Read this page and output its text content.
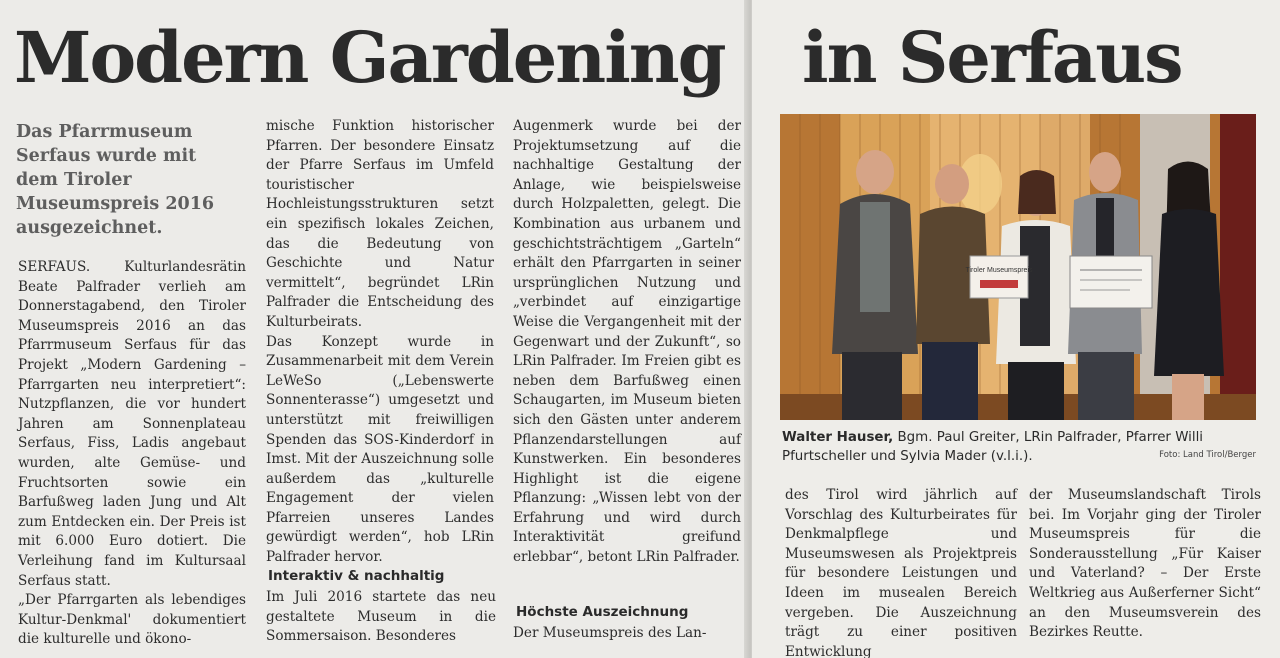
Modern Gardening

Das Pfarrmuseum Serfaus wurde mit dem Tiroler Museumspreis 2016 ausgezeichnet.

SERFAUS. Kulturlandesrätin Beate Palfrader verlieh am Donnerstagabend, den Tiroler Museumspreis 2016 an das Pfarrmuseum Serfaus für das Projekt „Modern Gardening – Pfarrgarten neu interpretiert“: Nutzpflanzen, die vor hundert Jahren am Sonnenplateau Serfaus, Fiss, Ladis angebaut wurden, alte Gemüse- und Fruchtsorten sowie ein Barfußweg laden Jung und Alt zum Entdecken ein. Der Preis ist mit 6.000 Euro dotiert. Die Verleihung fand im Kultursaal Serfaus statt.

„Der Pfarrgarten als lebendiges Kultur-Denkmal' dokumentiert die kulturelle und ökono-

mische Funktion historischer Pfarren. Der besondere Einsatz der Pfarre Serfaus im Umfeld touristischer Hochleistungsstrukturen setzt ein spezifisch lokales Zeichen, das die Bedeutung von Geschichte und Natur vermittelt“, begründet LRin Palfrader die Entscheidung des Kulturbeirats.

Das Konzept wurde in Zusammenarbeit mit dem Verein LeWeSo („Lebenswerte Sonnenterasse“) umgesetzt und unterstützt mit freiwilligen Spenden das SOS-Kinderdorf in Imst. Mit der Auszeichnung solle außerdem das „kulturelle Engagement der vielen Pfarreien unseres Landes gewürdigt werden“, hob LRin Palfrader hervor.

Interaktiv & nachhaltig

Im Juli 2016 startete das neu gestaltete Museum in die Sommersaison. Besonderes

Augenmerk wurde bei der Projektumsetzung auf die nachhaltige Gestaltung der Anlage, wie beispielsweise durch Holzpaletten, gelegt. Die Kombination aus urbanem und geschichtsträchtigem „Garteln“ erhält den Pfarrgarten in seiner ursprünglichen Nutzung und „verbindet auf einzigartige Weise die Vergangenheit mit der Gegenwart und der Zukunft“, so LRin Palfrader. Im Freien gibt es neben dem Barfußweg einen Schaugarten, im Museum bieten sich den Gästen unter anderem Pflanzendarstellungen auf Kunstwerken. Ein besonderes Highlight ist die eigene Pflanzung: „Wissen lebt von der Erfahrung und wird durch Interaktivität greifund erlebbar“, betont LRin Palfrader.

Höchste Auszeichnung

Der Museumspreis des Lan-

in Serfaus
Tiroler Museumspreis

Walter Hauser, Bgm. Paul Greiter, LRin Palfrader, Pfarrer Willi Pfurtscheller und Sylvia Mader (v.l.i.).	Foto: Land Tirol/Berger

des Tirol wird jährlich auf Vorschlag des Kulturbeirates für Denkmalpflege und Museumswesen als Projektpreis für besondere Leistungen und Ideen im musealen Bereich vergeben. Die Auszeichnung trägt zu einer positiven Entwicklung

der Museumslandschaft Tirols bei. Im Vorjahr ging der Tiroler Museumspreis für die Sonderausstellung „Für Kaiser und Vaterland? – Der Erste Weltkrieg aus Außerferner Sicht“ an den Museumsverein des Bezirkes Reutte.
